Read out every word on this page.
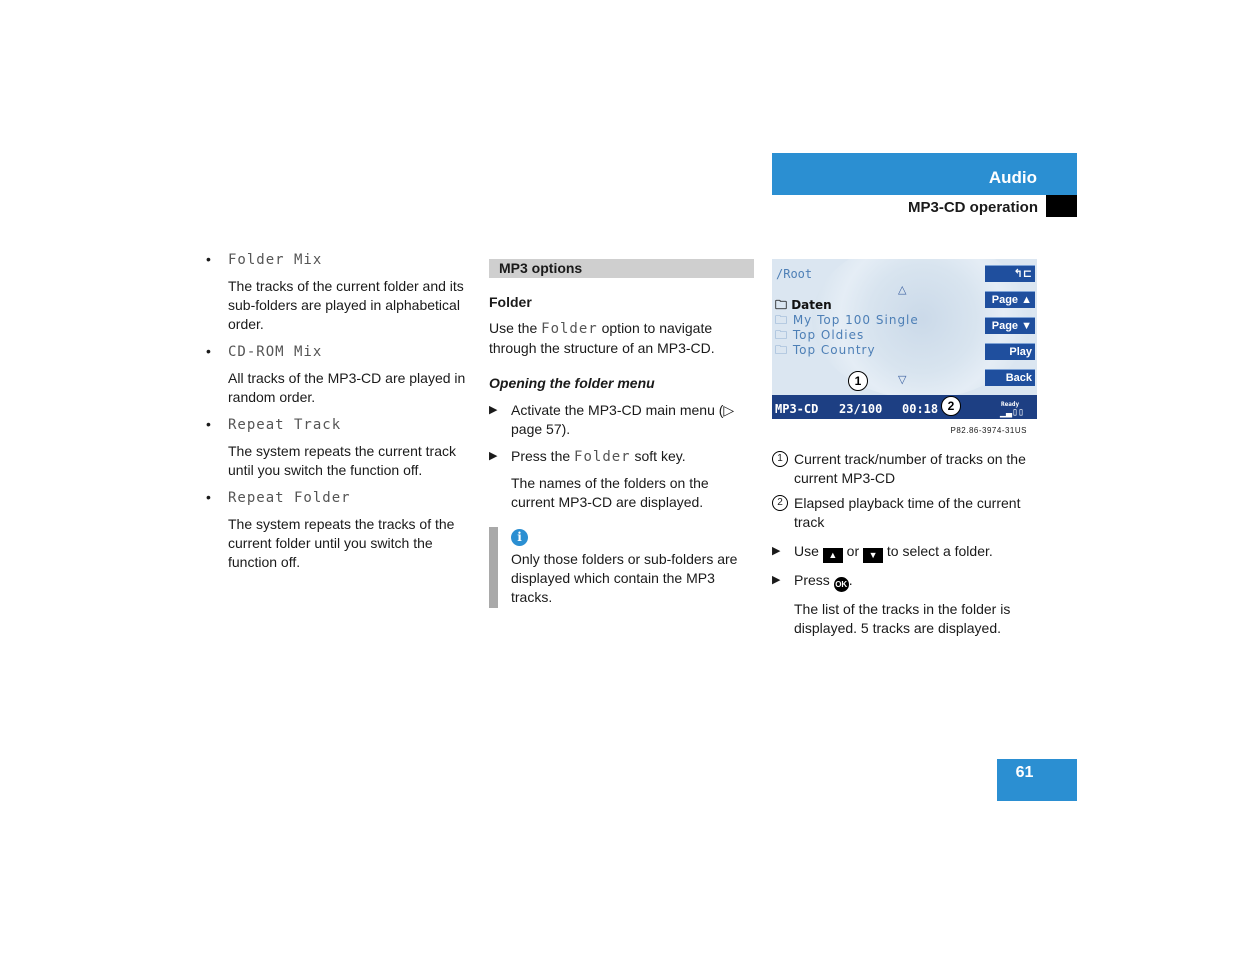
Audio
MP3-CD operation
• Folder Mix
The tracks of the current folder and its sub-folders are played in alphabetical order.
• CD-ROM Mix
All tracks of the MP3-CD are played in random order.
• Repeat Track
The system repeats the current track until you switch the function off.
• Repeat Folder
The system repeats the tracks of the current folder until you switch the function off.
MP3 options
Folder
Use the Folder option to navigate through the structure of an MP3-CD.
Opening the folder menu
▶ Activate the MP3-CD main menu (▷ page 57).
▶ Press the Folder soft key.
The names of the folders on the current MP3-CD are displayed.
i
Only those folders or sub-folders are displayed which contain the MP3 tracks.
/Root
△
🗀 Daten
🗀 My Top 100 Single
🗀 Top Oldies
🗀 Top Country
▽
↰⊏
Page ▲
Page ▼
Play
Back
1
MP3-CD 23/100 00:18	Ready
▁▃▯▯
2
P82.86-3974-31US
1 Current track/number of tracks on the current MP3-CD
2 Elapsed playback time of the current track
▶ Use ▲ or ▼ to select a folder.
▶ Press OK .
The list of the tracks in the folder is displayed. 5 tracks are displayed.
61
